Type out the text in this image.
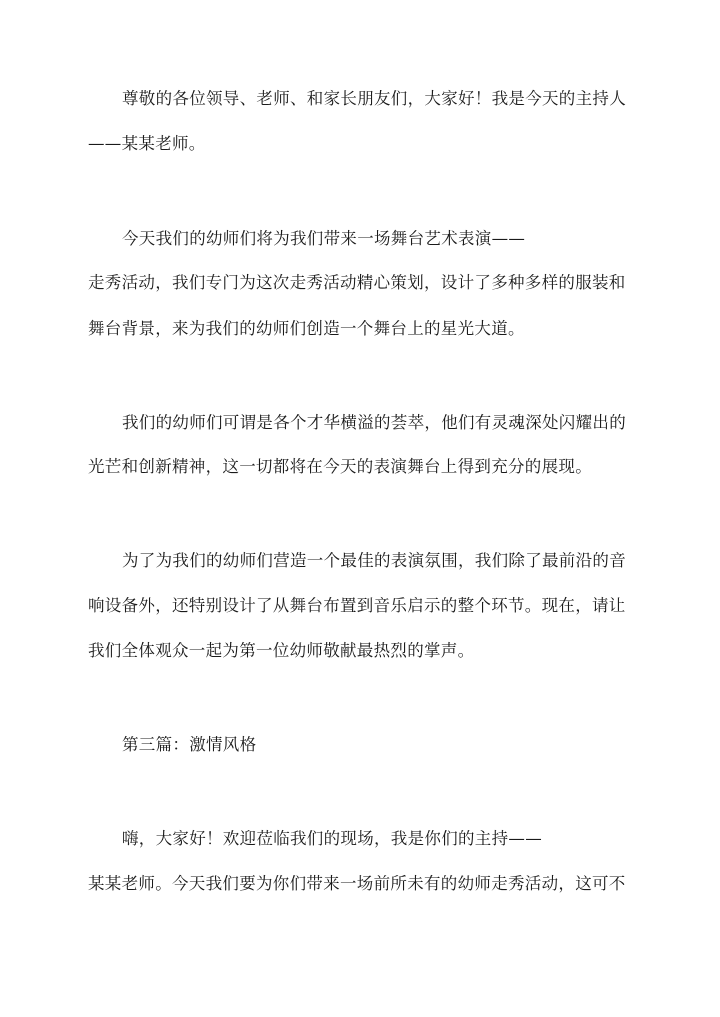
尊敬的各位领导、老师、和家长朋友们，大家好！我是今天的主持人
——某某老师。
今天我们的幼师们将为我们带来一场舞台艺术表演——
走秀活动，我们专门为这次走秀活动精心策划，设计了多种多样的服装和
舞台背景，来为我们的幼师们创造一个舞台上的星光大道。
我们的幼师们可谓是各个才华横溢的荟萃，他们有灵魂深处闪耀出的
光芒和创新精神，这一切都将在今天的表演舞台上得到充分的展现。
为了为我们的幼师们营造一个最佳的表演氛围，我们除了最前沿的音
响设备外，还特别设计了从舞台布置到音乐启示的整个环节。现在，请让
我们全体观众一起为第一位幼师敬献最热烈的掌声。
第三篇：激情风格
嗨，大家好！欢迎莅临我们的现场，我是你们的主持——
某某老师。今天我们要为你们带来一场前所未有的幼师走秀活动，这可不
